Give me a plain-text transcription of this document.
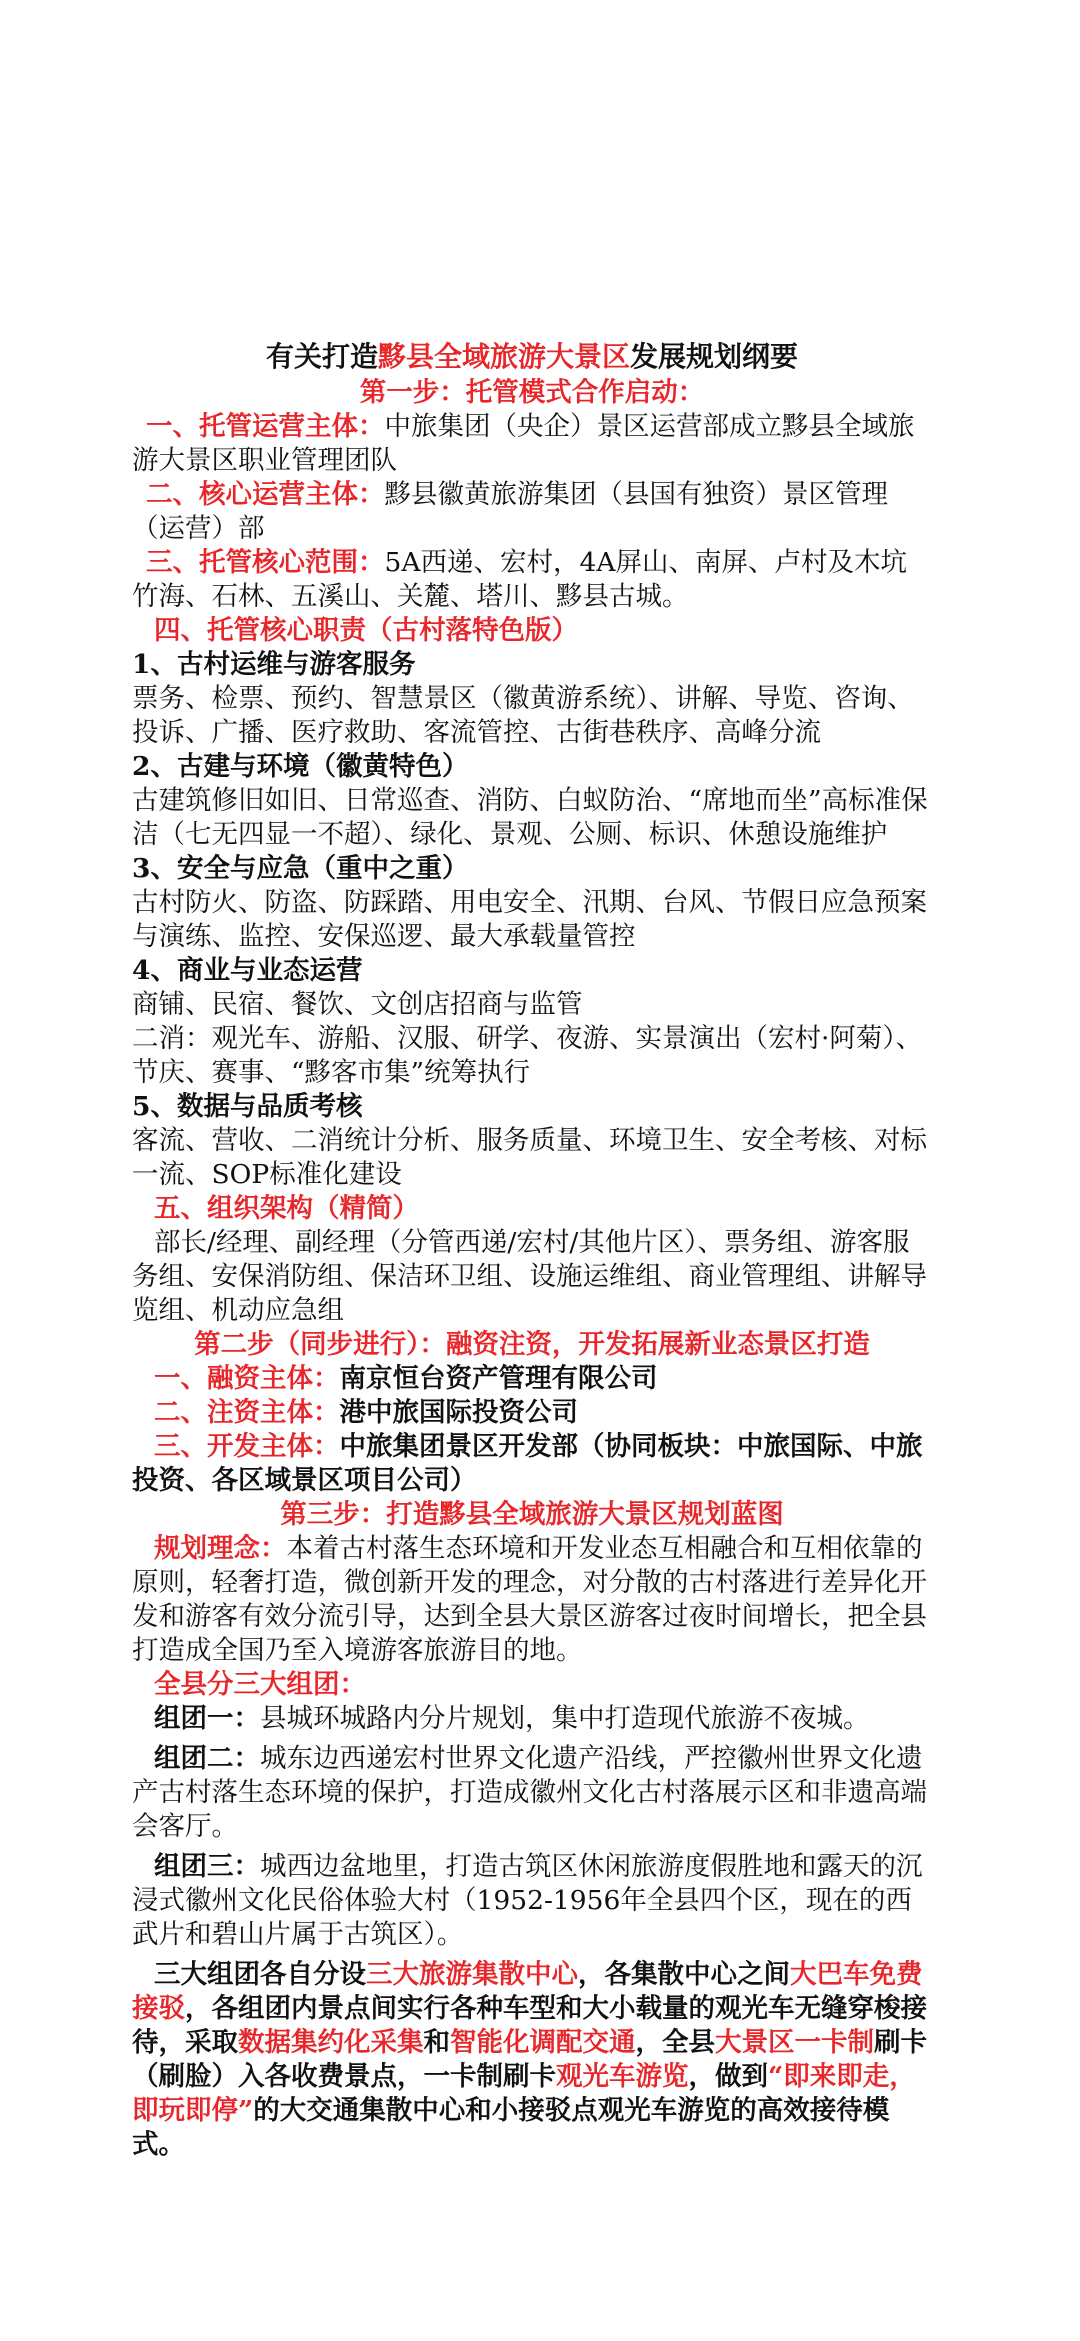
有关打造黟县全域旅游大景区发展规划纲要
第一步：托管模式合作启动：

一、托管运营主体：中旅集团（央企）景区运营部成立黟县全域旅游大景区职业管理团队

二、核心运营主体：黟县徽黄旅游集团（县国有独资）景区管理（运营）部

三、托管核心范围：5A西递、宏村，4A屏山、南屏、卢村及木坑竹海、石林、五溪山、关麓、塔川、黟县古城。

四、托管核心职责（古村落特色版）

1、古村运维与游客服务

票务、检票、预约、智慧景区（徽黄游系统）、讲解、导览、咨询、投诉、广播、医疗救助、客流管控、古街巷秩序、高峰分流

2、古建与环境（徽黄特色）

古建筑修旧如旧、日常巡查、消防、白蚁防治、“席地而坐”高标准保洁（七无四显一不超）、绿化、景观、公厕、标识、休憩设施维护

3、安全与应急（重中之重）

古村防火、防盗、防踩踏、用电安全、汛期、台风、节假日应急预案与演练、监控、安保巡逻、最大承载量管控

4、商业与业态运营

商铺、民宿、餐饮、文创店招商与监管

二消：观光车、游船、汉服、研学、夜游、实景演出（宏村·阿菊）、节庆、赛事、“黟客市集”统筹执行

5、数据与品质考核

客流、营收、二消统计分析、服务质量、环境卫生、安全考核、对标一流、SOP标准化建设

五、组织架构（精简）

部长/经理、副经理（分管西递/宏村/其他片区）、票务组、游客服务组、安保消防组、保洁环卫组、设施运维组、商业管理组、讲解导览组、机动应急组

第二步（同步进行）：融资注资，开发拓展新业态景区打造

一、融资主体：南京恒台资产管理有限公司

二、注资主体：港中旅国际投资公司

三、开发主体：中旅集团景区开发部（协同板块：中旅国际、中旅投资、各区域景区项目公司）

第三步：打造黟县全域旅游大景区规划蓝图

规划理念：本着古村落生态环境和开发业态互相融合和互相依靠的原则，轻奢打造，微创新开发的理念，对分散的古村落进行差异化开发和游客有效分流引导，达到全县大景区游客过夜时间增长，把全县打造成全国乃至入境游客旅游目的地。

全县分三大组团：

组团一：县城环城路内分片规划，集中打造现代旅游不夜城。

组团二：城东边西递宏村世界文化遗产沿线，严控徽州世界文化遗产古村落生态环境的保护，打造成徽州文化古村落展示区和非遗高端会客厅。

组团三：城西边盆地里，打造古筑区休闲旅游度假胜地和露天的沉浸式徽州文化民俗体验大村（1952-1956年全县四个区，现在的西武片和碧山片属于古筑区）。

三大组团各自分设三大旅游集散中心，各集散中心之间大巴车免费接驳，各组团内景点间实行各种车型和大小载量的观光车无缝穿梭接待，采取数据集约化采集和智能化调配交通，全县大景区一卡制刷卡（刷脸）入各收费景点，一卡制刷卡观光车游览，做到“即来即走，即玩即停”的大交通集散中心和小接驳点观光车游览的高效接待模式。
